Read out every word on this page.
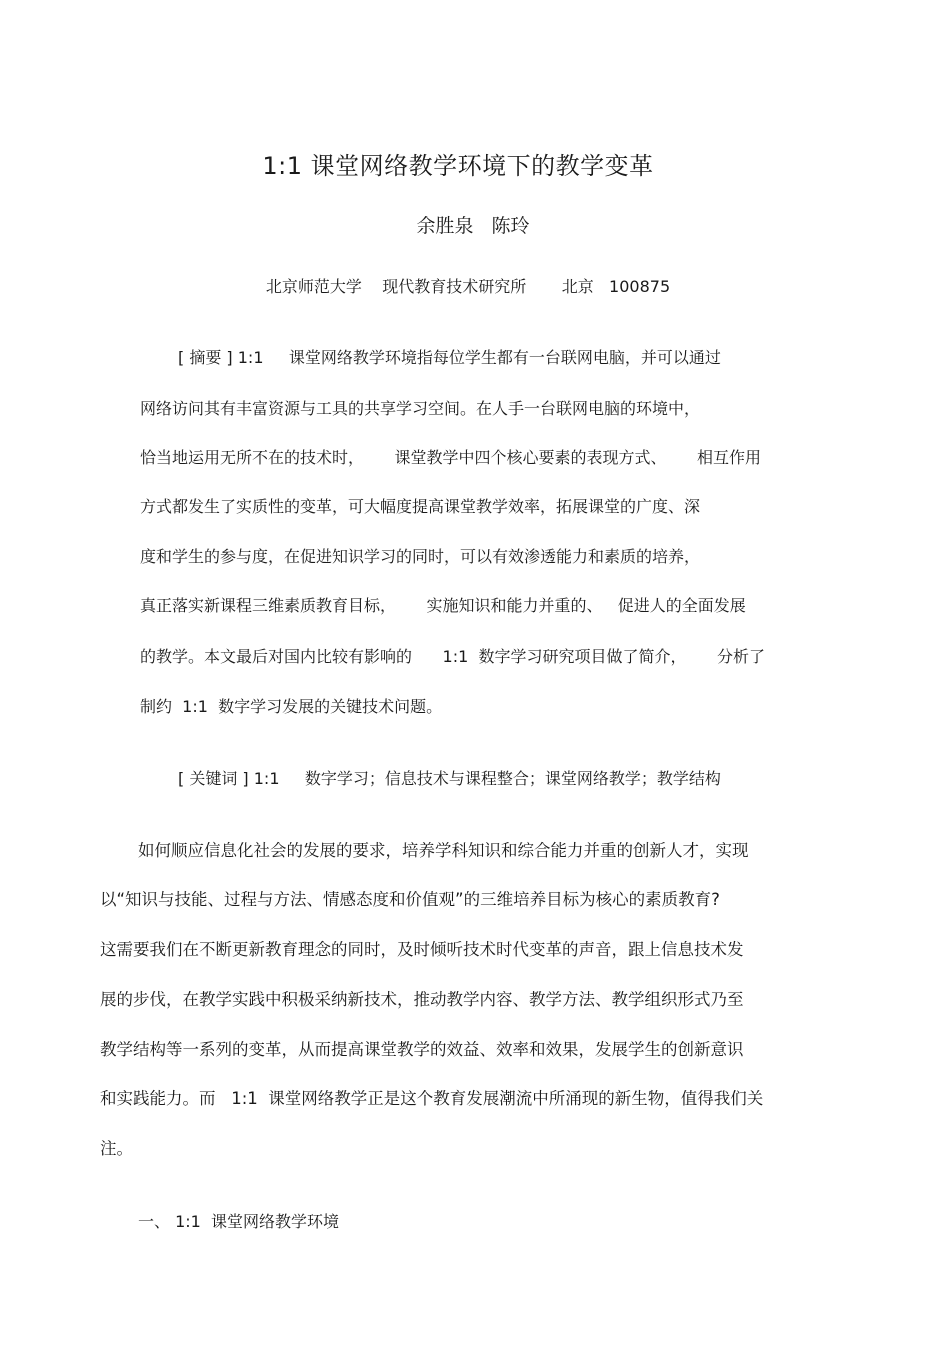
1:1 课堂网络教学环境下的教学变革
余胜泉   陈玲
北京师范大学    现代教育技术研究所       北京   100875
[ 摘要 ] 1:1     课堂网络教学环境指每位学生都有一台联网电脑，并可以通过
网络访问其有丰富资源与工具的共享学习空间。在人手一台联网电脑的环境中，
恰当地运用无所不在的技术时，      课堂教学中四个核心要素的表现方式、      相互作用
方式都发生了实质性的变革，可大幅度提高课堂教学效率，拓展课堂的广度、深
度和学生的参与度，在促进知识学习的同时，可以有效渗透能力和素质的培养，
真正落实新课程三维素质教育目标，      实施知识和能力并重的、   促进人的全面发展
的教学。本文最后对国内比较有影响的      1:1  数字学习研究项目做了简介，      分析了
制约  1:1  数字学习发展的关键技术问题。
[ 关键词 ] 1:1     数字学习；信息技术与课程整合；课堂网络教学；教学结构
如何顺应信息化社会的发展的要求，培养学科知识和综合能力并重的创新人才，实现
以“知识与技能、过程与方法、情感态度和价值观”的三维培养目标为核心的素质教育?
这需要我们在不断更新教育理念的同时，及时倾听技术时代变革的声音，跟上信息技术发
展的步伐，在教学实践中积极采纳新技术，推动教学内容、教学方法、教学组织形式乃至
教学结构等一系列的变革，从而提高课堂教学的效益、效率和效果，发展学生的创新意识
和实践能力。而   1:1  课堂网络教学正是这个教育发展潮流中所涌现的新生物，值得我们关
注。
一、 1:1  课堂网络教学环境
